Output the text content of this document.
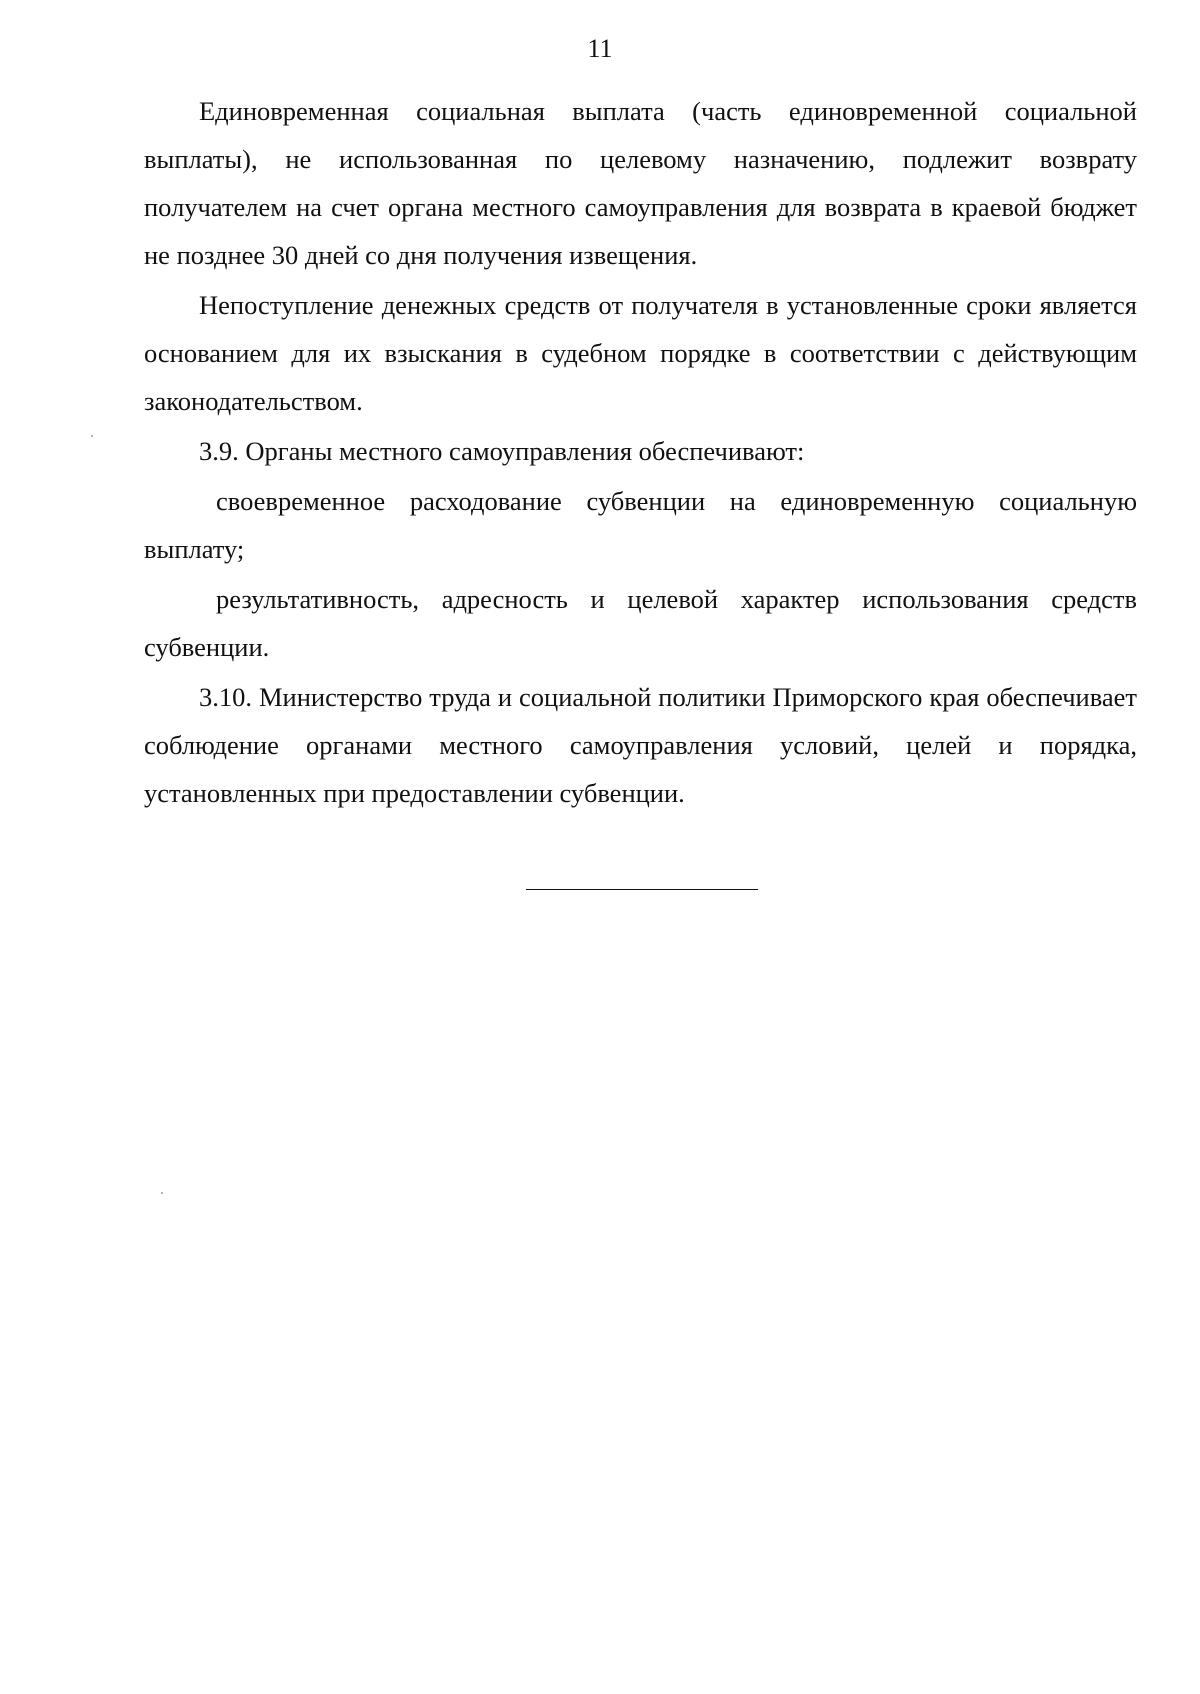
11

Единовременная социальная выплата (часть единовременной социальной выплаты), не использованная по целевому назначению, подлежит возврату получателем на счет органа местного самоуправления для возврата в краевой бюджет не позднее 30 дней со дня получения извещения.

Непоступление денежных средств от получателя в установленные сроки является основанием для их взыскания в судебном порядке в соответствии с действующим законодательством.

3.9. Органы местного самоуправления обеспечивают:

своевременное расходование субвенции на единовременную социальную выплату;

результативность, адресность и целевой характер использования средств субвенции.

3.10. Министерство труда и социальной политики Приморского края обеспечивает соблюдение органами местного самоуправления условий, целей и порядка, установленных при предоставлении субвенции.
